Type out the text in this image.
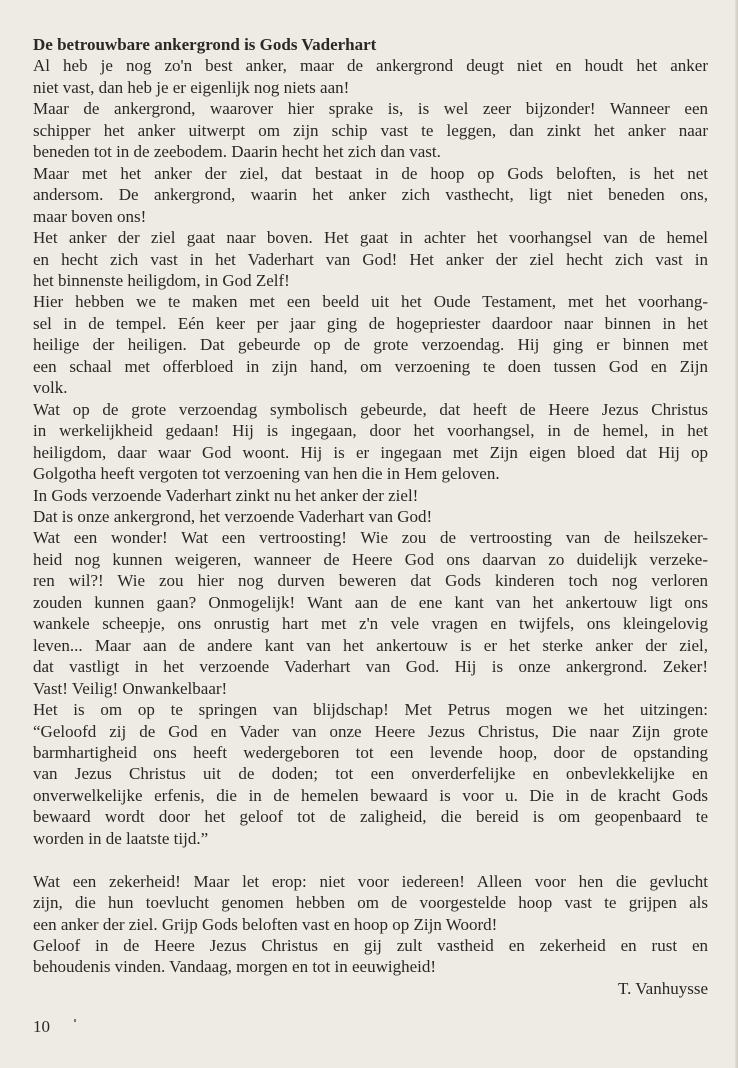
De betrouwbare ankergrond is Gods Vaderhart
Al heb je nog zo'n best anker, maar de ankergrond deugt niet en houdt het anker
niet vast, dan heb je er eigenlijk nog niets aan!
Maar de ankergrond, waarover hier sprake is, is wel zeer bijzonder! Wanneer een
schipper het anker uitwerpt om zijn schip vast te leggen, dan zinkt het anker naar
beneden tot in de zeebodem. Daarin hecht het zich dan vast.
Maar met het anker der ziel, dat bestaat in de hoop op Gods beloften, is het net
andersom. De ankergrond, waarin het anker zich vasthecht, ligt niet beneden ons,
maar boven ons!
Het anker der ziel gaat naar boven. Het gaat in achter het voorhangsel van de hemel
en hecht zich vast in het Vaderhart van God! Het anker der ziel hecht zich vast in
het binnenste heiligdom, in God Zelf!
Hier hebben we te maken met een beeld uit het Oude Testament, met het voorhang-
sel in de tempel. Eén keer per jaar ging de hogepriester daardoor naar binnen in het
heilige der heiligen. Dat gebeurde op de grote verzoendag. Hij ging er binnen met
een schaal met offerbloed in zijn hand, om verzoening te doen tussen God en Zijn
volk.
Wat op de grote verzoendag symbolisch gebeurde, dat heeft de Heere Jezus Christus
in werkelijkheid gedaan! Hij is ingegaan, door het voorhangsel, in de hemel, in het
heiligdom, daar waar God woont. Hij is er ingegaan met Zijn eigen bloed dat Hij op
Golgotha heeft vergoten tot verzoening van hen die in Hem geloven.
In Gods verzoende Vaderhart zinkt nu het anker der ziel!
Dat is onze ankergrond, het verzoende Vaderhart van God!
Wat een wonder! Wat een vertroosting! Wie zou de vertroosting van de heilszeker-
heid nog kunnen weigeren, wanneer de Heere God ons daarvan zo duidelijk verzeke-
ren wil?! Wie zou hier nog durven beweren dat Gods kinderen toch nog verloren
zouden kunnen gaan? Onmogelijk! Want aan de ene kant van het ankertouw ligt ons
wankele scheepje, ons onrustig hart met z'n vele vragen en twijfels, ons kleingelovig
leven... Maar aan de andere kant van het ankertouw is er het sterke anker der ziel,
dat vastligt in het verzoende Vaderhart van God. Hij is onze ankergrond. Zeker!
Vast! Veilig! Onwankelbaar!
Het is om op te springen van blijdschap! Met Petrus mogen we het uitzingen:
“Geloofd zij de God en Vader van onze Heere Jezus Christus, Die naar Zijn grote
barmhartigheid ons heeft wedergeboren tot een levende hoop, door de opstanding
van Jezus Christus uit de doden; tot een onverderfelijke en onbevlekkelijke en
onverwelkelijke erfenis, die in de hemelen bewaard is voor u. Die in de kracht Gods
bewaard wordt door het geloof tot de zaligheid, die bereid is om geopenbaard te
worden in de laatste tijd.”
Wat een zekerheid! Maar let erop: niet voor iedereen! Alleen voor hen die gevlucht
zijn, die hun toevlucht genomen hebben om de voorgestelde hoop vast te grijpen als
een anker der ziel. Grijp Gods beloften vast en hoop op Zijn Woord!
Geloof in de Heere Jezus Christus en gij zult vastheid en zekerheid en rust en
behoudenis vinden. Vandaag, morgen en tot in eeuwigheid!
T. Vanhuysse
10
